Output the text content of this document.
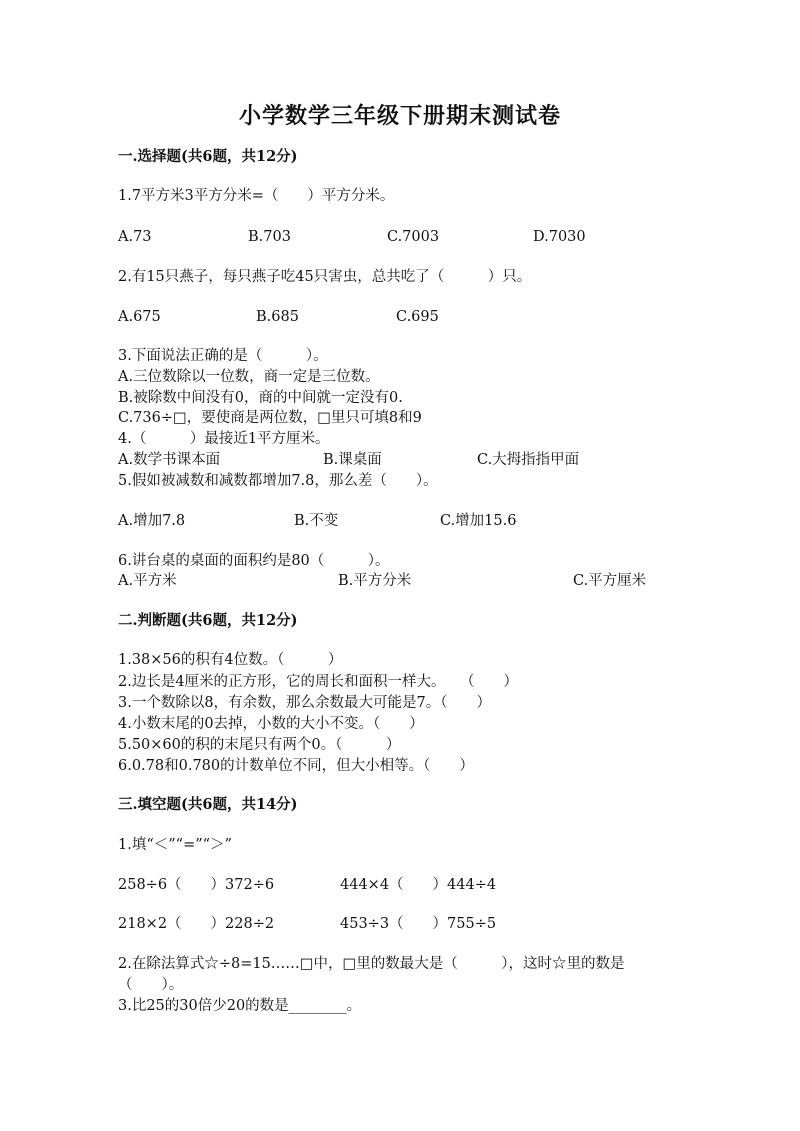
小学数学三年级下册期末测试卷
一.选择题(共6题，共12分)
1.7平方米3平方分米=（　　）平方分米。
A.73	B.703	C.7003	D.7030
2.有15只燕子，每只燕子吃45只害虫，总共吃了（　　　）只。
A.675	B.685	C.695
3.下面说法正确的是（　　　）。
A.三位数除以一位数，商一定是三位数。
B.被除数中间没有0，商的中间就一定没有0.
C.736÷□，要使商是两位数，□里只可填8和9
4.（　　　）最接近1平方厘米。
A.数学书课本面	B.课桌面	C.大拇指指甲面
5.假如被减数和减数都增加7.8，那么差（　　）。
A.增加7.8	B.不变	C.增加15.6
6.讲台桌的桌面的面积约是80（　　　）。
A.平方米	B.平方分米	C.平方厘米
二.判断题(共6题，共12分)
1.38×56的积有4位数。（　　　）
2.边长是4厘米的正方形，它的周长和面积一样大。　　（　　）
3.一个数除以8，有余数，那么余数最大可能是7。（　　）
4.小数末尾的0去掉，小数的大小不变。（　　）
5.50×60的积的末尾只有两个0。（　　　）
6.0.78和0.780的计数单位不同，但大小相等。（　　）
三.填空题(共6题，共14分)
1.填“＜”“=”“＞”
258÷6（　　）372÷6	444×4（　　）444÷4
218×2（　　）228÷2	453÷3（　　）755÷5
2.在除法算式☆÷8=15……□中，□里的数最大是（　　　），这时☆里的数是
（　　）。
3.比25的30倍少20的数是________。
